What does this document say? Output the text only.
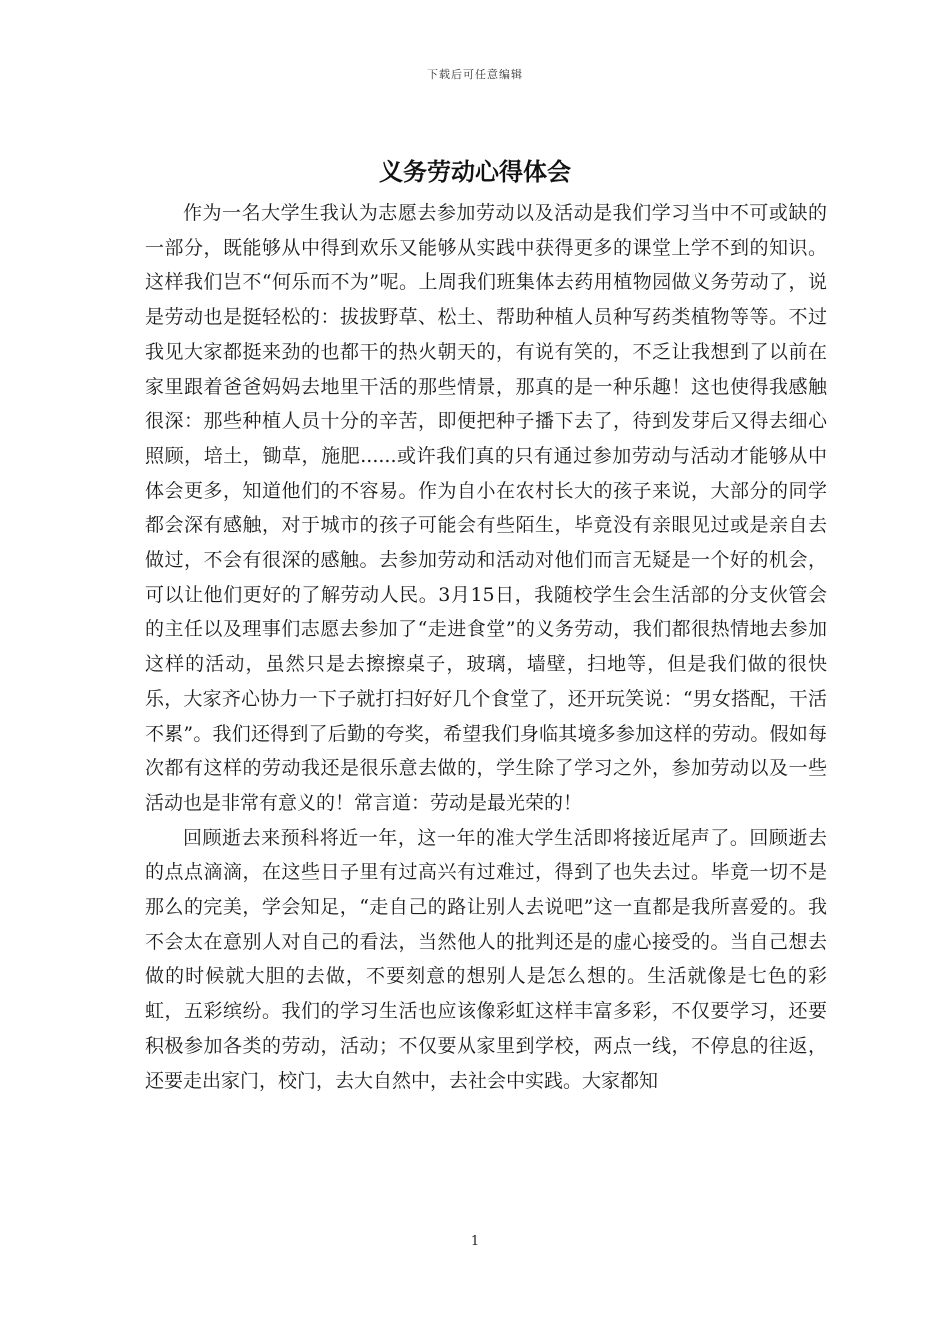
下载后可任意编辑
义务劳动心得体会

作为一名大学生我认为志愿去参加劳动以及活动是我们学习当中不可或缺的一部分，既能够从中得到欢乐又能够从实践中获得更多的课堂上学不到的知识。这样我们岂不“何乐而不为”呢。上周我们班集体去药用植物园做义务劳动了，说是劳动也是挺轻松的：拔拔野草、松土、帮助种植人员种写药类植物等等。不过我见大家都挺来劲的也都干的热火朝天的，有说有笑的，不乏让我想到了以前在家里跟着爸爸妈妈去地里干活的那些情景，那真的是一种乐趣！这也使得我感触很深：那些种植人员十分的辛苦，即便把种子播下去了，待到发芽后又得去细心照顾，培土，锄草，施肥......或许我们真的只有通过参加劳动与活动才能够从中体会更多，知道他们的不容易。作为自小在农村长大的孩子来说，大部分的同学都会深有感触，对于城市的孩子可能会有些陌生，毕竟没有亲眼见过或是亲自去做过，不会有很深的感触。去参加劳动和活动对他们而言无疑是一个好的机会，可以让他们更好的了解劳动人民。3月15日，我随校学生会生活部的分支伙管会的主任以及理事们志愿去参加了“走进食堂”的义务劳动，我们都很热情地去参加这样的活动，虽然只是去擦擦桌子，玻璃，墙壁，扫地等，但是我们做的很快乐，大家齐心协力一下子就打扫好好几个食堂了，还开玩笑说：“男女搭配，干活不累”。我们还得到了后勤的夸奖，希望我们身临其境多参加这样的劳动。假如每次都有这样的劳动我还是很乐意去做的，学生除了学习之外，参加劳动以及一些活动也是非常有意义的！常言道：劳动是最光荣的！

回顾逝去来预科将近一年，这一年的准大学生活即将接近尾声了。回顾逝去的点点滴滴，在这些日子里有过高兴有过难过，得到了也失去过。毕竟一切不是那么的完美，学会知足，“走自己的路让别人去说吧”这一直都是我所喜爱的。我不会太在意别人对自己的看法，当然他人的批判还是的虚心接受的。当自己想去做的时候就大胆的去做，不要刻意的想别人是怎么想的。生活就像是七色的彩虹，五彩缤纷。我们的学习生活也应该像彩虹这样丰富多彩，不仅要学习，还要积极参加各类的劳动，活动；不仅要从家里到学校，两点一线，不停息的往返，还要走出家门，校门，去大自然中，去社会中实践。大家都知

1
